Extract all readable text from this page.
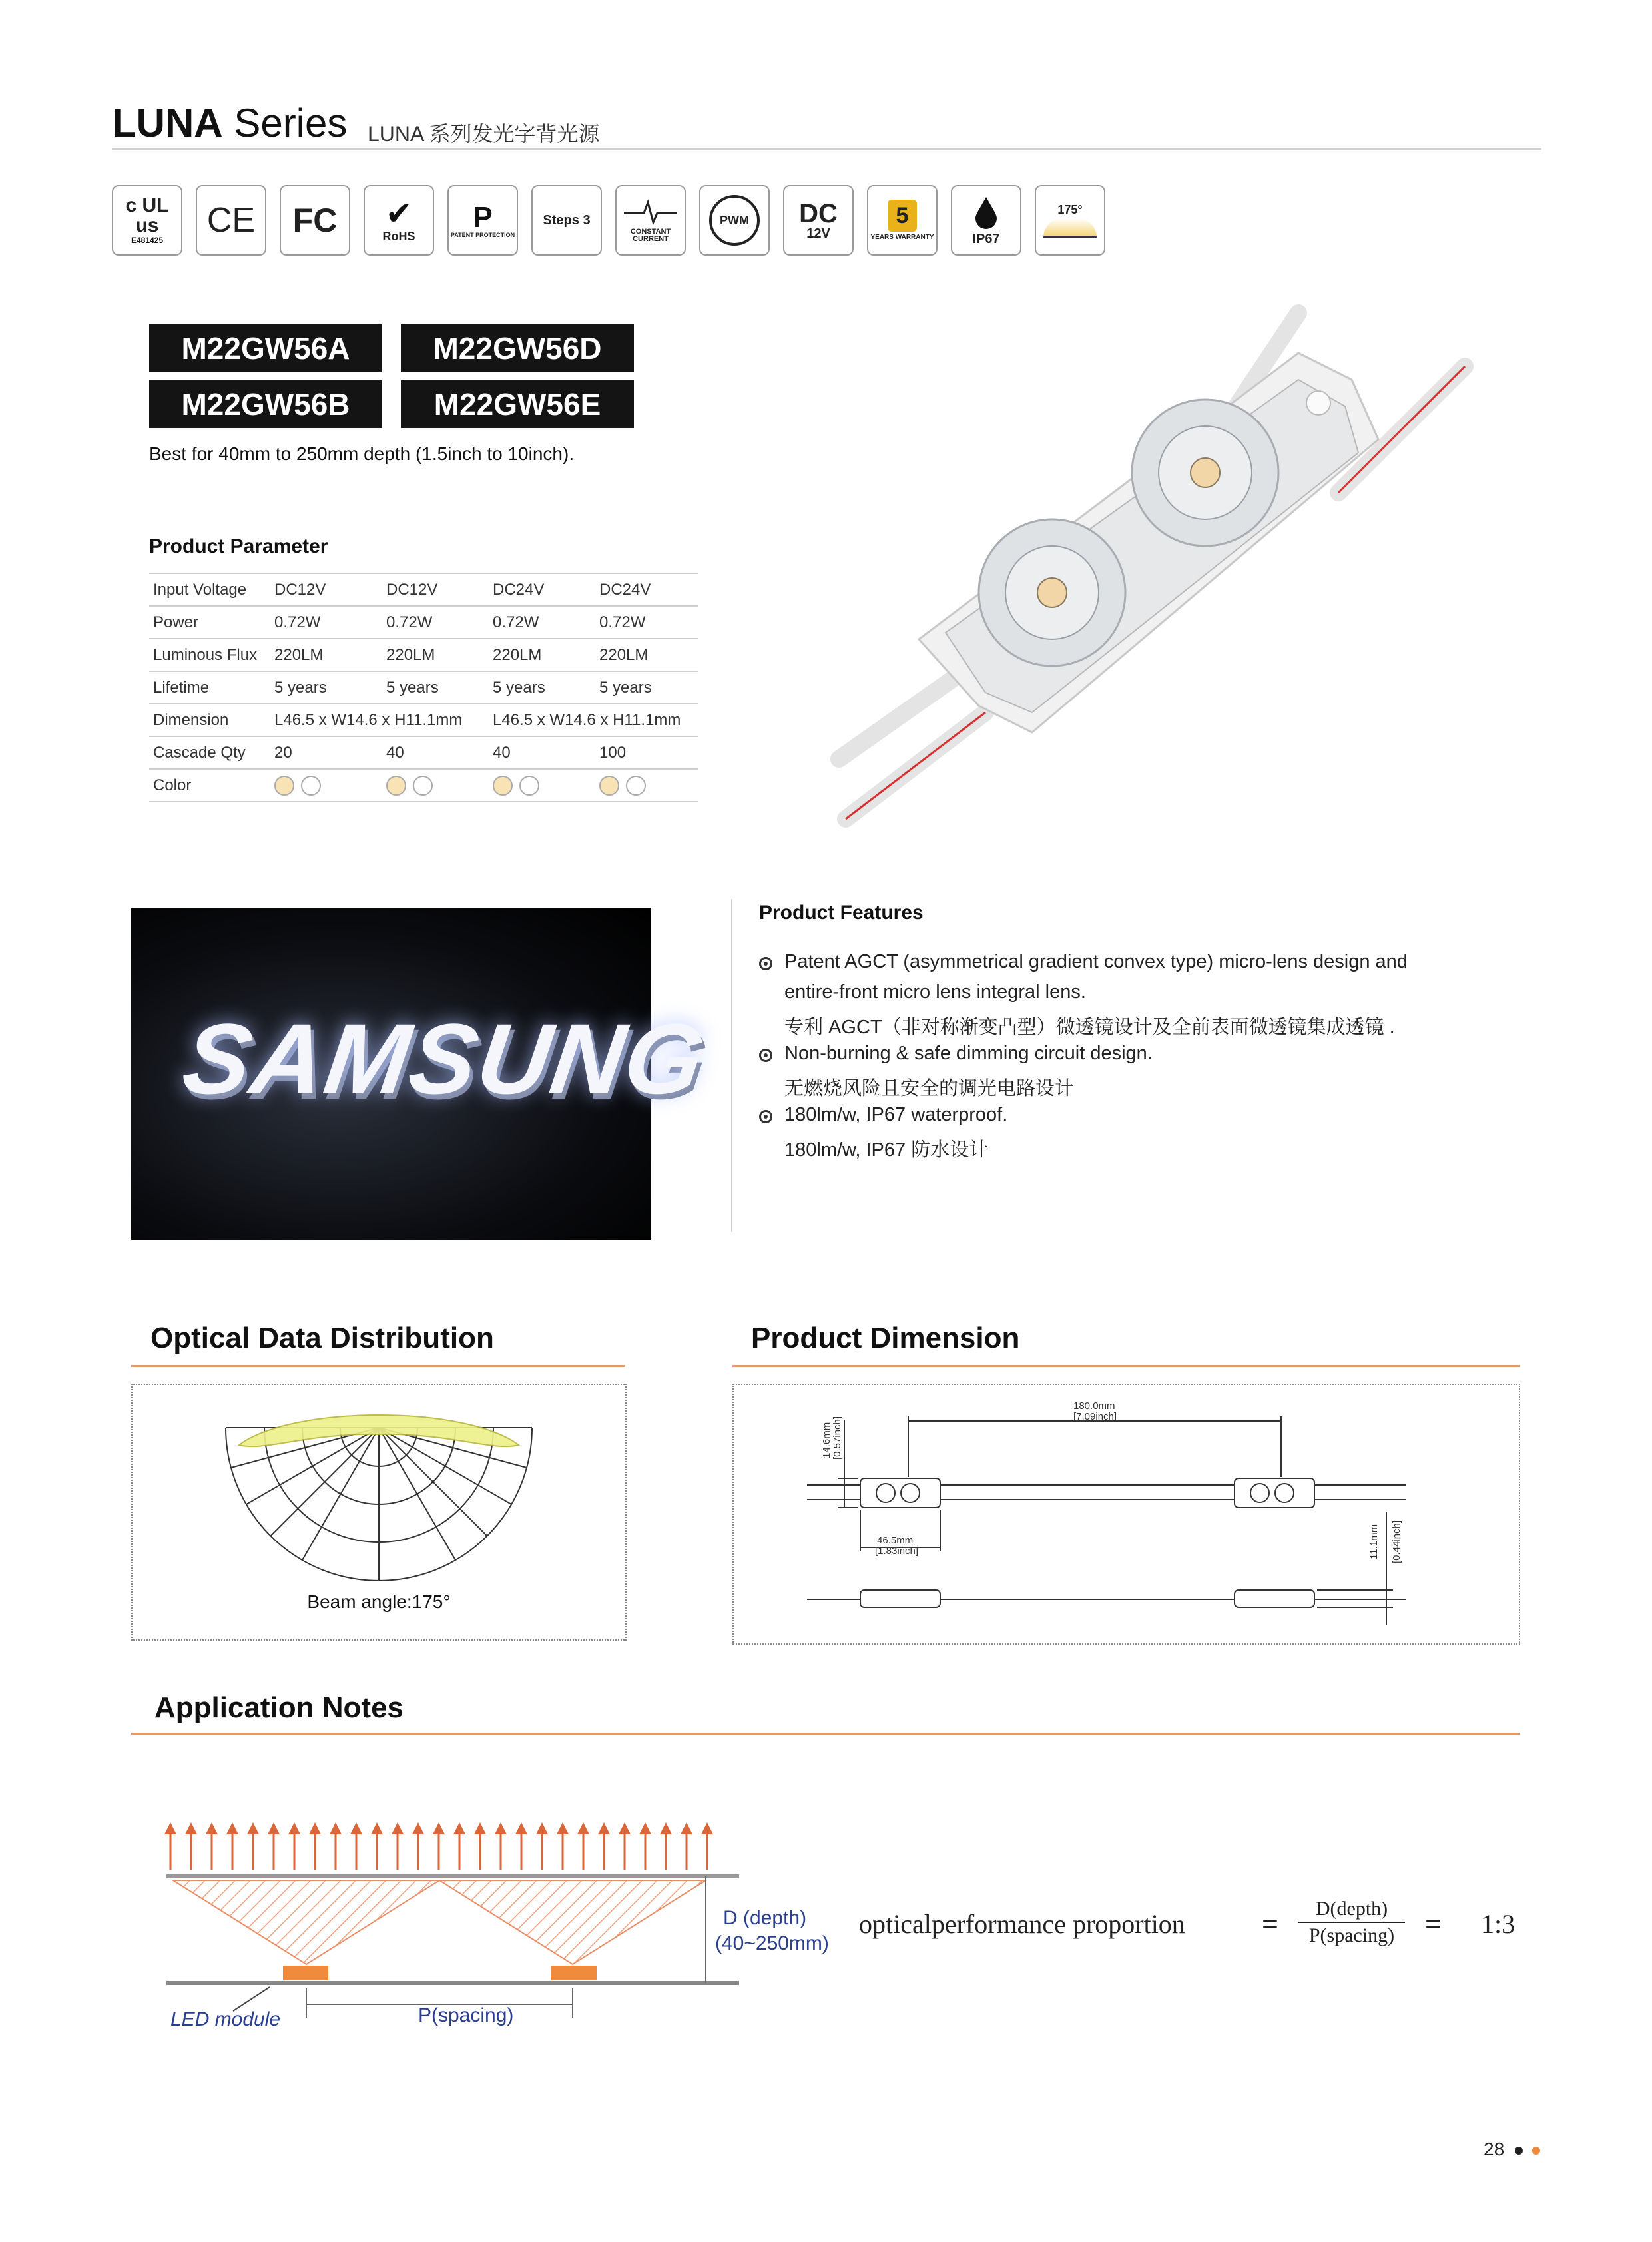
LUNA Series LUNA 系列发光字背光源
c UL us
E481425
CE FC ✔
RoHS
P
PATENT PROTECTION
Steps 3
CONSTANT CURRENT
PWM DC
12V
5
YEARS WARRANTY	IP67
175°
M22GW56A	M22GW56D
M22GW56B	M22GW56E
Best for 40mm to 250mm depth (1.5inch to 10inch).
Product Parameter
Input Voltage	DC12V	DC12V	DC24V	DC24V
Power	0.72W	0.72W	0.72W	0.72W
Luminous Flux	220LM	220LM	220LM	220LM
Lifetime	5 years	5 years	5 years	5 years
Dimension	L46.5 x W14.6 x H11.1mm		L46.5 x W14.6 x H11.1mm	
Cascade Qty	20	40	40	100
Color				
SAMSUNG
Product Features
Patent AGCT (asymmetrical gradient convex type) micro-lens design and
entire-front micro lens integral lens.
专利 AGCT（非对称渐变凸型）微透镜设计及全前表面微透镜集成透镜 .
Non-burning & safe dimming circuit design.
无燃烧风险且安全的调光电路设计
180lm/w, IP67 waterproof.
180lm/w, IP67 防水设计
Optical Data Distribution
Beam angle:175°
Product Dimension
180.0mm
[7.09inch]
46.5mm
[1.83inch]
14.6mm [0.57inch]
11.1mm [0.44inch]
Application Notes
D (depth)
(40~250mm)
LED module	P(spacing)
opticalperformance proportion	=	D(depth)
P(spacing)	= 1:3
28
